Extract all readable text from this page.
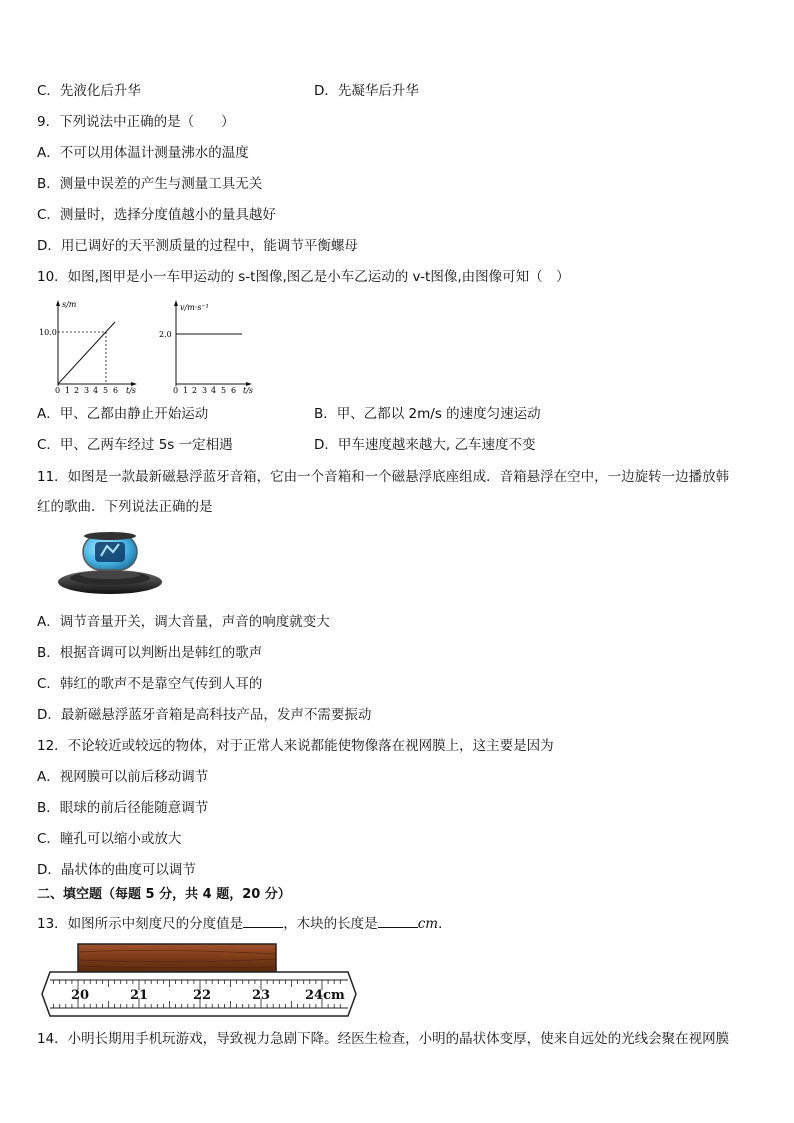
C．先液化后升华	D．先凝华后升华
9．下列说法中正确的是（　　）
A．不可以用体温计测量沸水的温度
B．测量中误差的产生与测量工具无关
C．测量时，选择分度值越小的量具越好
D．用已调好的天平测质量的过程中，能调节平衡螺母
10．如图,图甲是小一车甲运动的 s-t图像,图乙是小车乙运动的 v-t图像,由图像可知（　）
s/m
10.0
0 1 2 3 4 5 6 t/s
v/m·s⁻¹
2.0
0 1 2 3 4 5 6 t/s
A．甲、乙都由静止开始运动	B．甲、乙都以 2m/s 的速度匀速运动
C．甲、乙两车经过 5s 一定相遇	D．甲车速度越来越大, 乙车速度不变
11．如图是一款最新磁悬浮蓝牙音箱，它由一个音箱和一个磁悬浮底座组成．音箱悬浮在空中，一边旋转一边播放韩
红的歌曲．下列说法正确的是
A．调节音量开关，调大音量，声音的响度就变大
B．根据音调可以判断出是韩红的歌声
C．韩红的歌声不是靠空气传到人耳的
D．最新磁悬浮蓝牙音箱是高科技产品，发声不需要振动
12．不论较近或较远的物体，对于正常人来说都能使物像落在视网膜上，这主要是因为
A．视网膜可以前后移动调节
B．眼球的前后径能随意调节
C．瞳孔可以缩小或放大
D．晶状体的曲度可以调节
二、填空题（每题 5 分，共 4 题，20 分）
13．如图所示中刻度尺的分度值是	，木块的长度是	cm．
20	21	22	23	24cm
14．小明长期用手机玩游戏，导致视力急剧下降。经医生检查，小明的晶状体变厚，使来自远处的光线会聚在视网膜
